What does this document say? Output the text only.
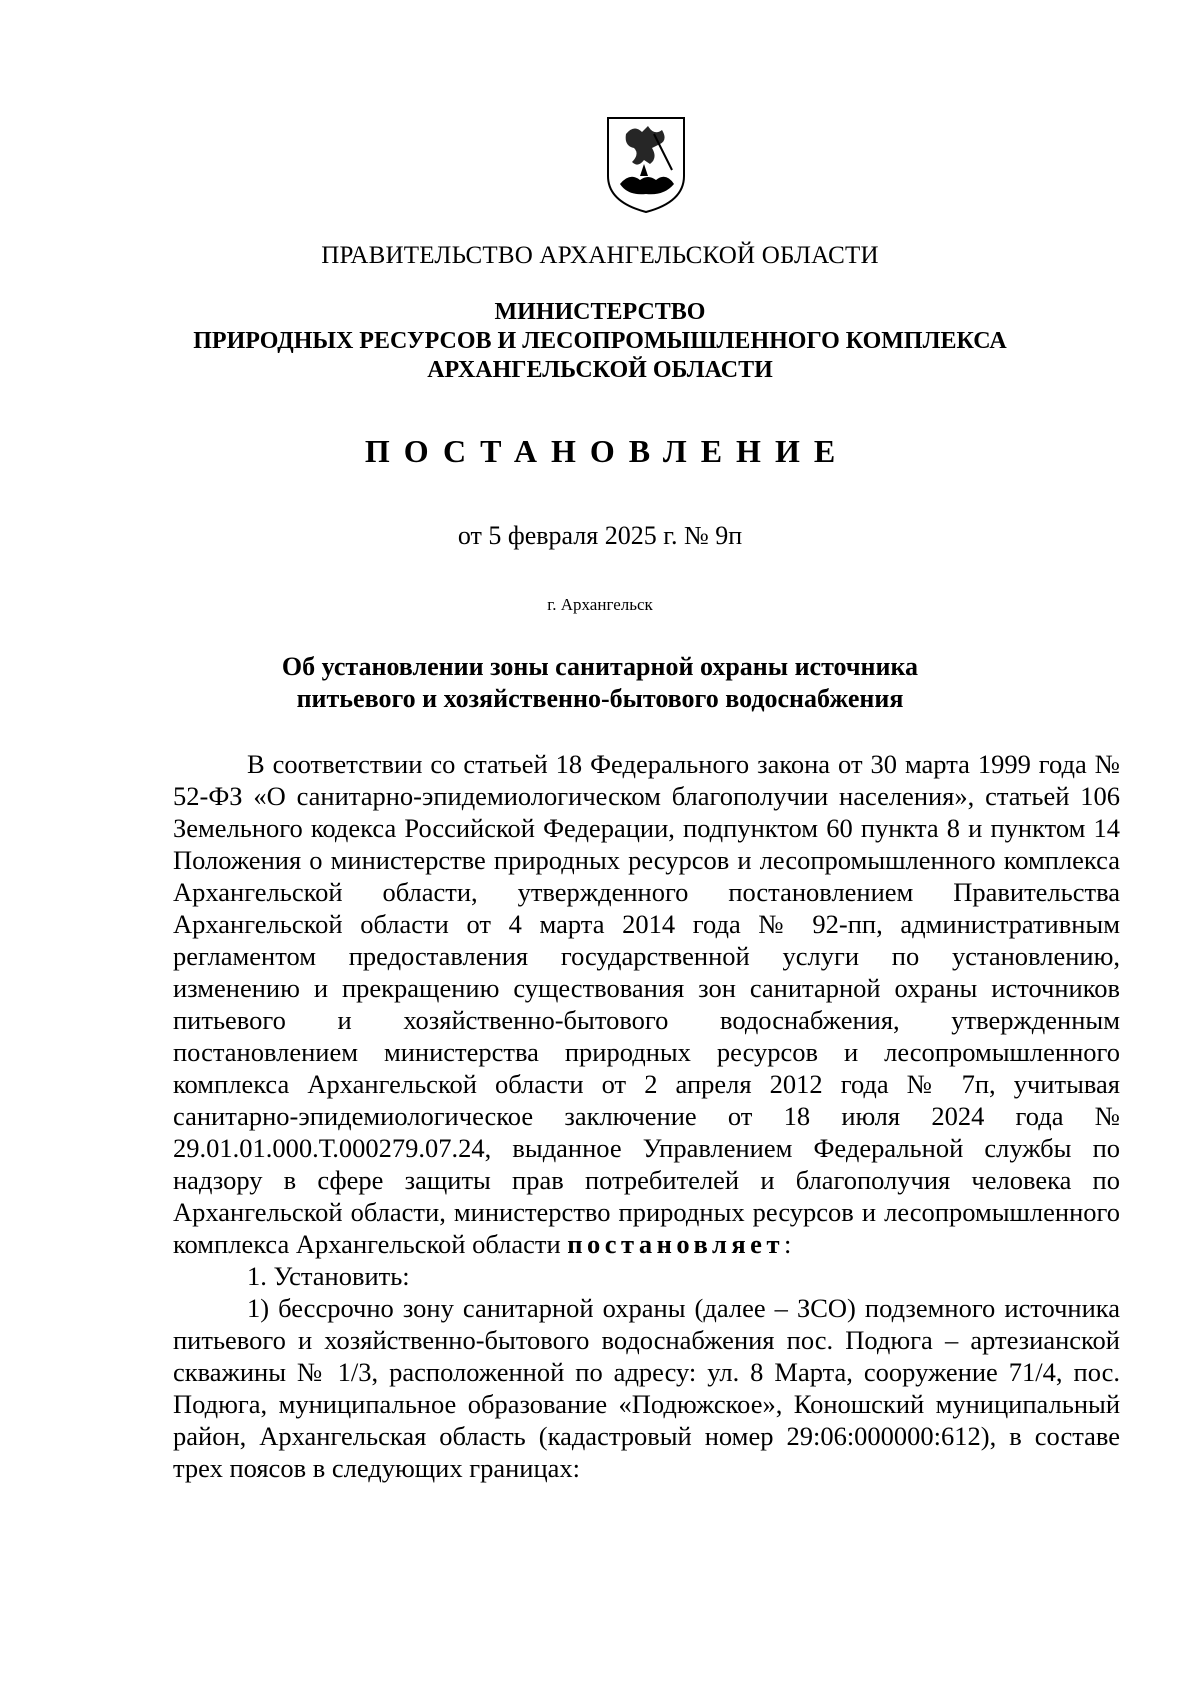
ПРАВИТЕЛЬСТВО АРХАНГЕЛЬСКОЙ ОБЛАСТИ
МИНИСТЕРСТВО
ПРИРОДНЫХ РЕСУРСОВ И ЛЕСОПРОМЫШЛЕННОГО КОМПЛЕКСА
АРХАНГЕЛЬСКОЙ ОБЛАСТИ
ПОСТАНОВЛЕНИЕ
от 5 февраля 2025 г. № 9п
г. Архангельск
Об установлении зоны санитарной охраны источника
питьевого и хозяйственно-бытового водоснабжения

В соответствии со статьей 18 Федерального закона от 30 марта 1999 года № 52-ФЗ «О санитарно-эпидемиологическом благополучии населения», статьей 106 Земельного кодекса Российской Федерации, подпунктом 60 пункта 8 и пунктом 14 Положения о министерстве природных ресурсов и лесопромышленного комплекса Архангельской области, утвержденного постановлением Правительства Архангельской области от 4 марта 2014 года № 92-пп, административным регламентом предоставления государственной услуги по установлению, изменению и прекращению существования зон санитарной охраны источников питьевого и хозяйственно-бытового водоснабжения, утвержденным постановлением министерства природных ресурсов и лесопромышленного комплекса Архангельской области от 2 апреля 2012 года № 7п, учитывая санитарно-эпидемиологическое заключение от 18 июля 2024 года № 29.01.01.000.Т.000279.07.24, выданное Управлением Федеральной службы по надзору в сфере защиты прав потребителей и благополучия человека по Архангельской области, министерство природных ресурсов и лесопромышленного комплекса Архангельской области постановляет:

1. Установить:

1) бессрочно зону санитарной охраны (далее – ЗСО) подземного источника питьевого и хозяйственно-бытового водоснабжения пос. Подюга – артезианской скважины № 1/3, расположенной по адресу: ул. 8 Марта, сооружение 71/4, пос. Подюга, муниципальное образование «Подюжское», Коношский муниципальный район, Архангельская область (кадастровый номер 29:06:000000:612), в составе трех поясов в следующих границах:
